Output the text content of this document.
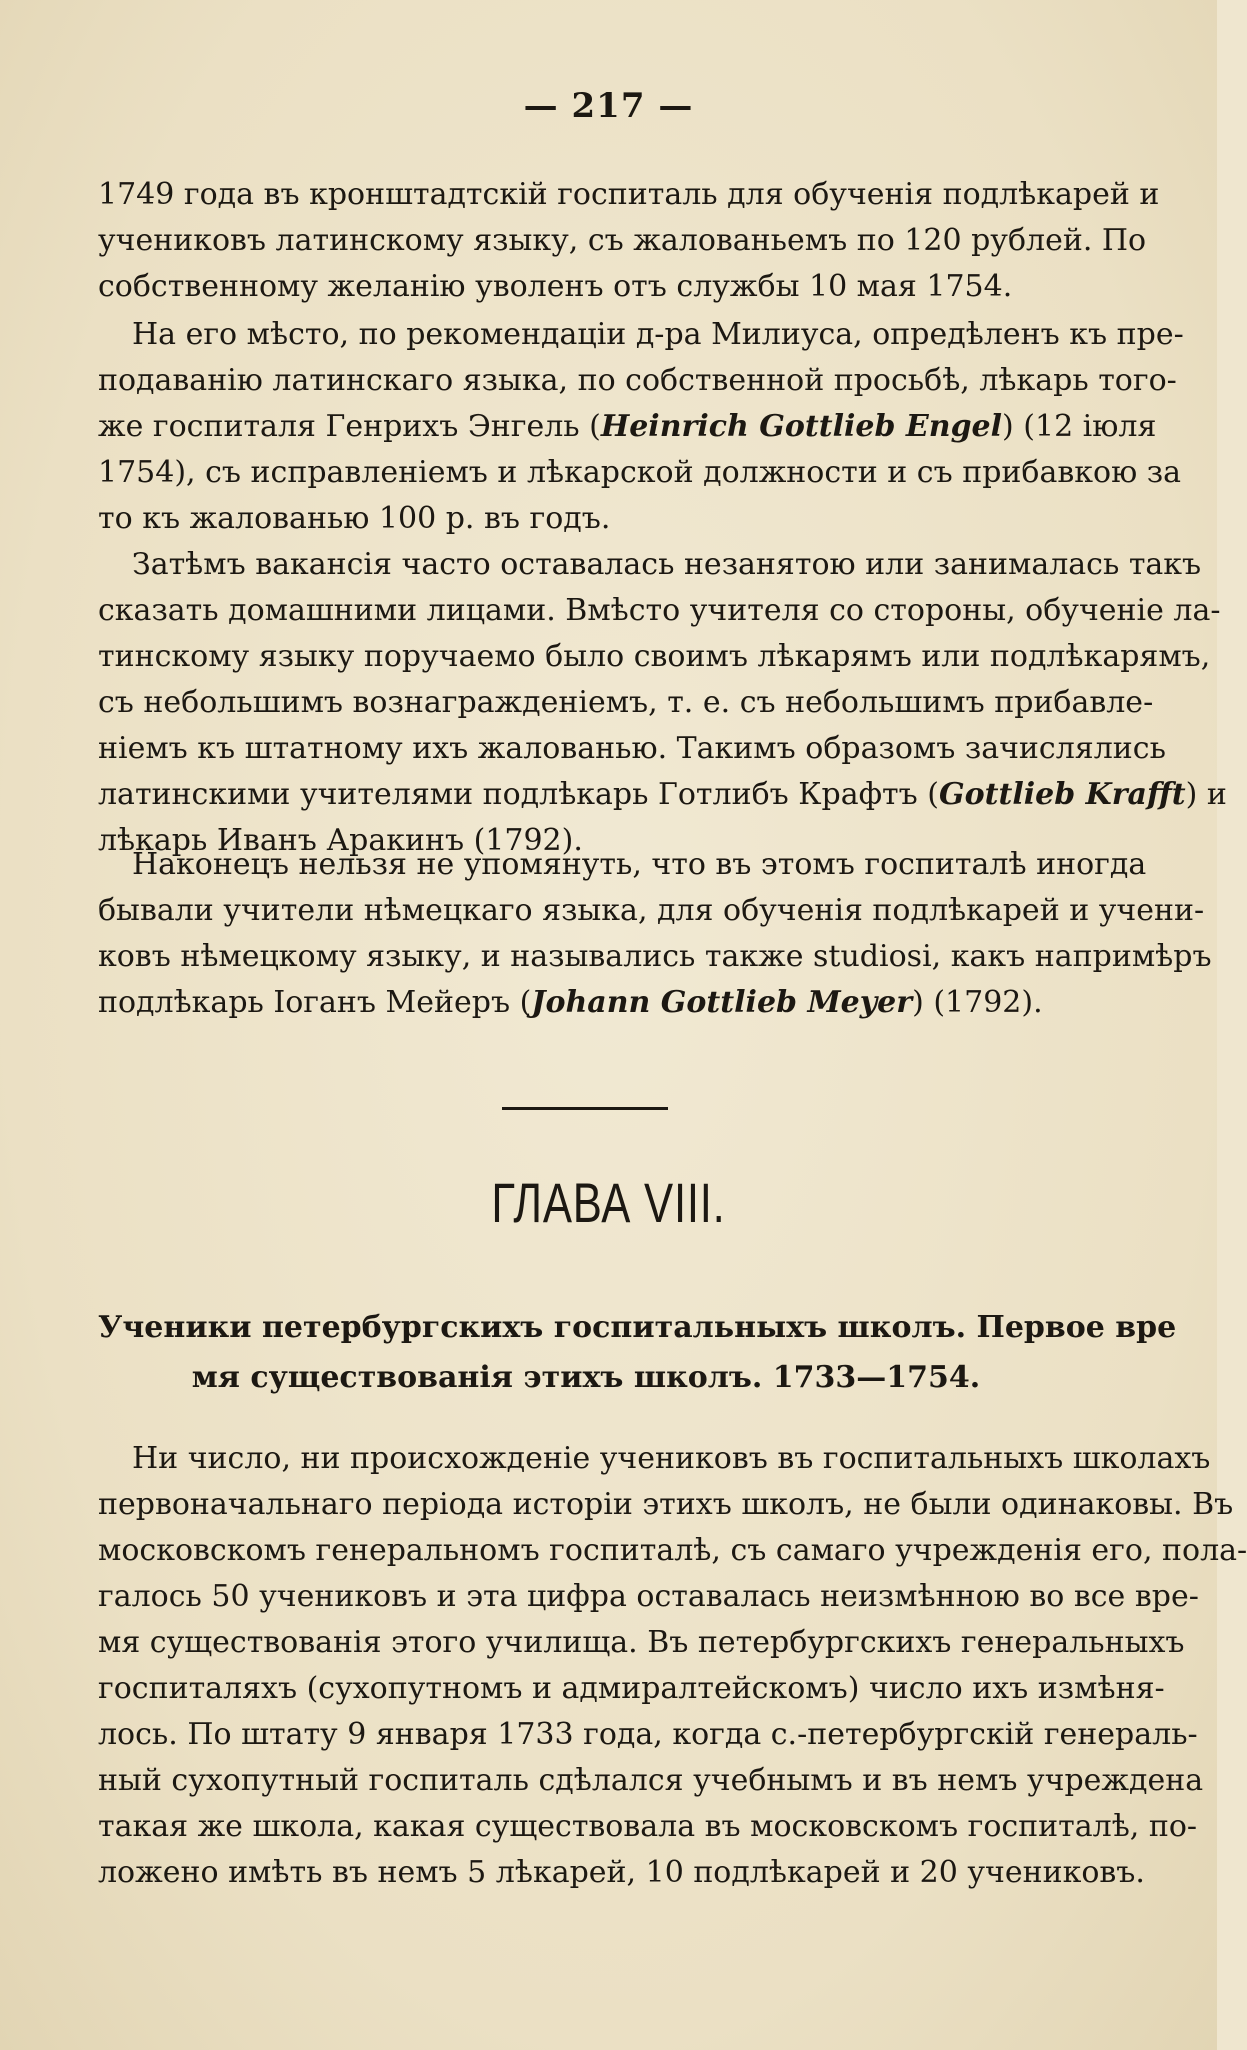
— 217 —
1749 года въ кронштадтскій госпиталь для обученія подлѣкарей и
учениковъ латинскому языку, съ жалованьемъ по 120 рублей. По
собственному желанію уволенъ отъ службы 10 мая 1754.
На его мѣсто, по рекомендаціи д-ра Милиуса, опредѣленъ къ пре-
подаванію латинскаго языка, по собственной просьбѣ, лѣкарь того-
же госпиталя Генрихъ Энгель (Heinrich Gottlieb Engel) (12 іюля
1754), съ исправленіемъ и лѣкарской должности и съ прибавкою за
то къ жалованью 100 р. въ годъ.
Затѣмъ вакансія часто оставалась незанятою или занималась такъ
сказать домашними лицами. Вмѣсто учителя со стороны, обученіе ла-
тинскому языку поручаемо было своимъ лѣкарямъ или подлѣкарямъ,
съ небольшимъ вознагражденіемъ, т. е. съ небольшимъ прибавле-
ніемъ къ штатному ихъ жалованью. Такимъ образомъ зачислялись
латинскими учителями подлѣкарь Готлибъ Крафтъ (Gottlieb Krafft) и
лѣкарь Иванъ Аракинъ (1792).
Наконецъ нельзя не упомянуть, что въ этомъ госпиталѣ иногда
бывали учители нѣмецкаго языка, для обученія подлѣкарей и учени-
ковъ нѣмецкому языку, и назывались также studiosi, какъ напримѣръ
подлѣкарь Іоганъ Мейеръ (Johann Gottlieb Meyer) (1792).
ГЛАВА VIII.
Ученики петербургскихъ госпитальныхъ школъ. Первое вре
мя существованія этихъ школъ. 1733—1754.
Ни число, ни происхожденіе учениковъ въ госпитальныхъ школахъ
первоначальнаго періода исторіи этихъ школъ, не были одинаковы. Въ
московскомъ генеральномъ госпиталѣ, съ самаго учрежденія его, пола-
галось 50 учениковъ и эта цифра оставалась неизмѣнною во все вре-
мя существованія этого училища. Въ петербургскихъ генеральныхъ
госпиталяхъ (сухопутномъ и адмиралтейскомъ) число ихъ измѣня-
лось. По штату 9 января 1733 года, когда с.-петербургскій генераль-
ный сухопутный госпиталь сдѣлался учебнымъ и въ немъ учреждена
такая же школа, какая существовала въ московскомъ госпиталѣ, по-
ложено имѣть въ немъ 5 лѣкарей, 10 подлѣкарей и 20 учениковъ.
